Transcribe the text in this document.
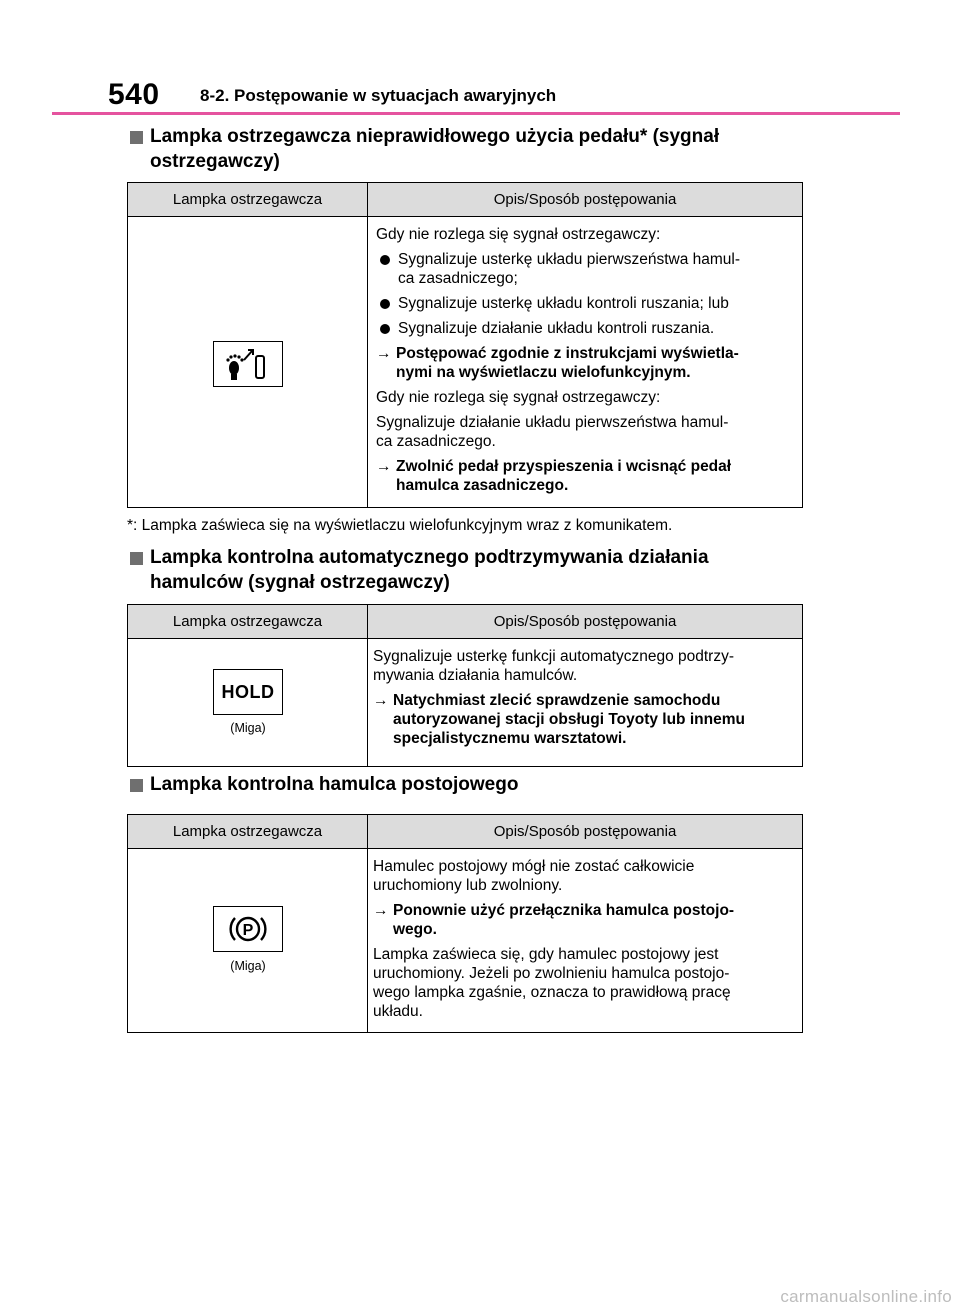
540 8-2. Postępowanie w sytuacjach awaryjnych
Lampka ostrzegawcza nieprawidłowego użycia pedału* (sygnał
ostrzegawczy)
Lampka ostrzegawcza	Opis/Sposób postępowania

Gdy nie rozlega się sygnał ostrzegawczy:

Sygnalizuje usterkę układu pierwszeństwa hamul-
ca zasadniczego;
Sygnalizuje usterkę układu kontroli ruszania; lub
Sygnalizuje działanie układu kontroli ruszania.
→ Postępować zgodnie z instrukcjami wyświetla-
nymi na wyświetlaczu wielofunkcyjnym.

Gdy nie rozlega się sygnał ostrzegawczy:

Sygnalizuje działanie układu pierwszeństwa hamul-
ca zasadniczego.

→ Zwolnić pedał przyspieszenia i wcisnąć pedał
hamulca zasadniczego.
*: Lampka zaświeca się na wyświetlaczu wielofunkcyjnym wraz z komunikatem.
Lampka kontrolna automatycznego podtrzymywania działania
hamulców (sygnał ostrzegawczy)
Lampka ostrzegawcza	Opis/Sposób postępowania
HOLD
(Miga)

Sygnalizuje usterkę funkcji automatycznego podtrzy-
mywania działania hamulców.

→ Natychmiast zlecić sprawdzenie samochodu
autoryzowanej stacji obsługi Toyoty lub innemu
specjalistycznemu warsztatowi.
Lampka kontrolna hamulca postojowego
Lampka ostrzegawcza	Opis/Sposób postępowania
P
(Miga)

Hamulec postojowy mógł nie zostać całkowicie
uruchomiony lub zwolniony.

→ Ponownie użyć przełącznika hamulca postojo-
wego.

Lampka zaświeca się, gdy hamulec postojowy jest
uruchomiony. Jeżeli po zwolnieniu hamulca postojo-
wego lampka zgaśnie, oznacza to prawidłową pracę
układu.

carmanualsonline.info
